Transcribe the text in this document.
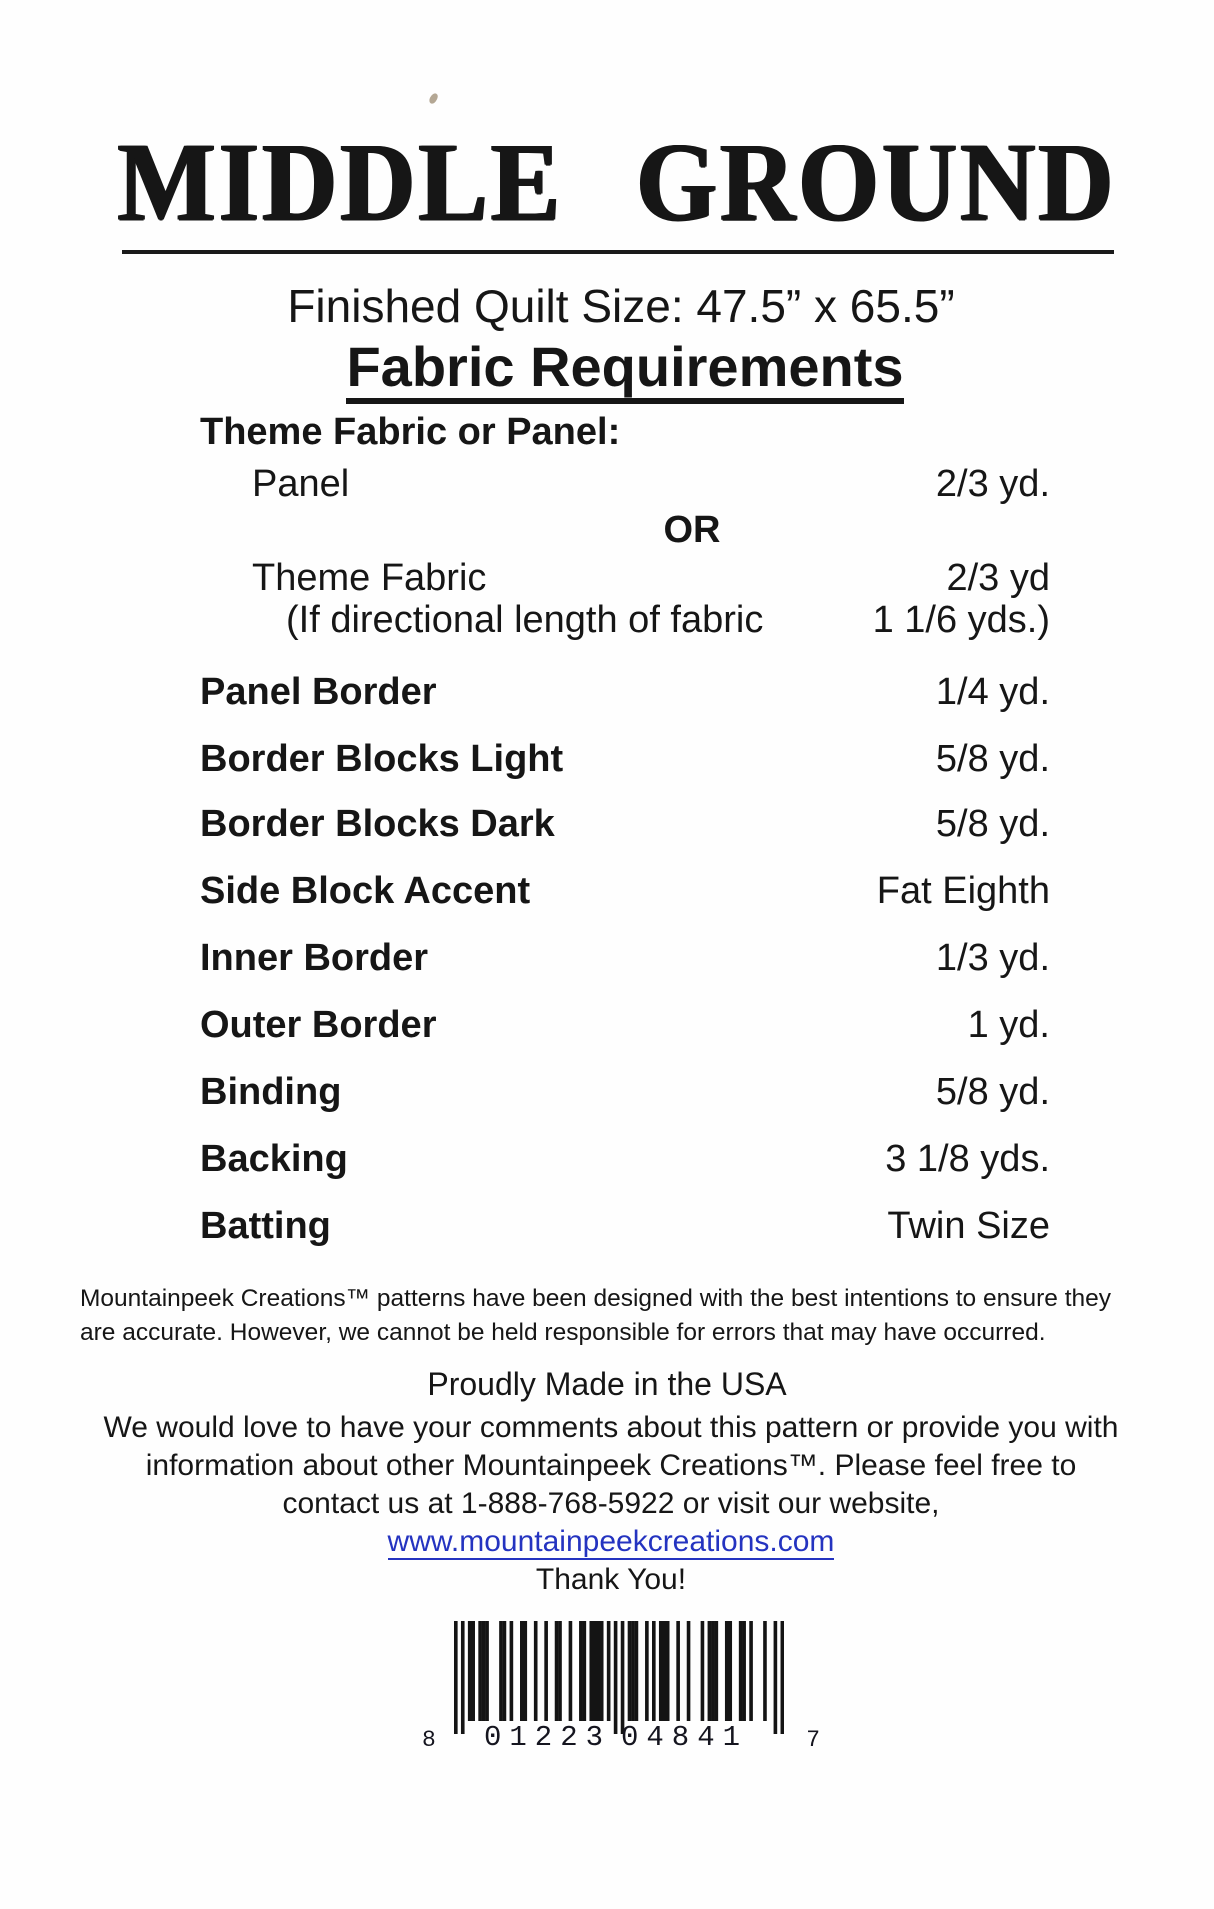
MIDDLE GROUND
Finished Quilt Size: 47.5” x 65.5”
Fabric Requirements
Theme Fabric or Panel:
Panel	2/3 yd.
OR
Theme Fabric	2/3 yd
(If directional length of fabric	1 1/6 yds.)
Panel Border	1/4 yd.
Border Blocks Light	5/8 yd.
Border Blocks Dark	5/8 yd.
Side Block Accent	Fat Eighth
Inner Border	1/3 yd.
Outer Border	1 yd.
Binding	5/8 yd.
Backing	3 1/8 yds.
Batting	Twin Size
Mountainpeek Creations™ patterns have been designed with the best intentions to ensure they
are accurate. However, we cannot be held responsible for errors that may have occurred.
Proudly Made in the USA
We would love to have your comments about this pattern or provide you with
information about other Mountainpeek Creations™. Please feel free to
contact us at 1-888-768-5922 or visit our website,
www.mountainpeekcreations.com
Thank You!
8 01223 04841	7
